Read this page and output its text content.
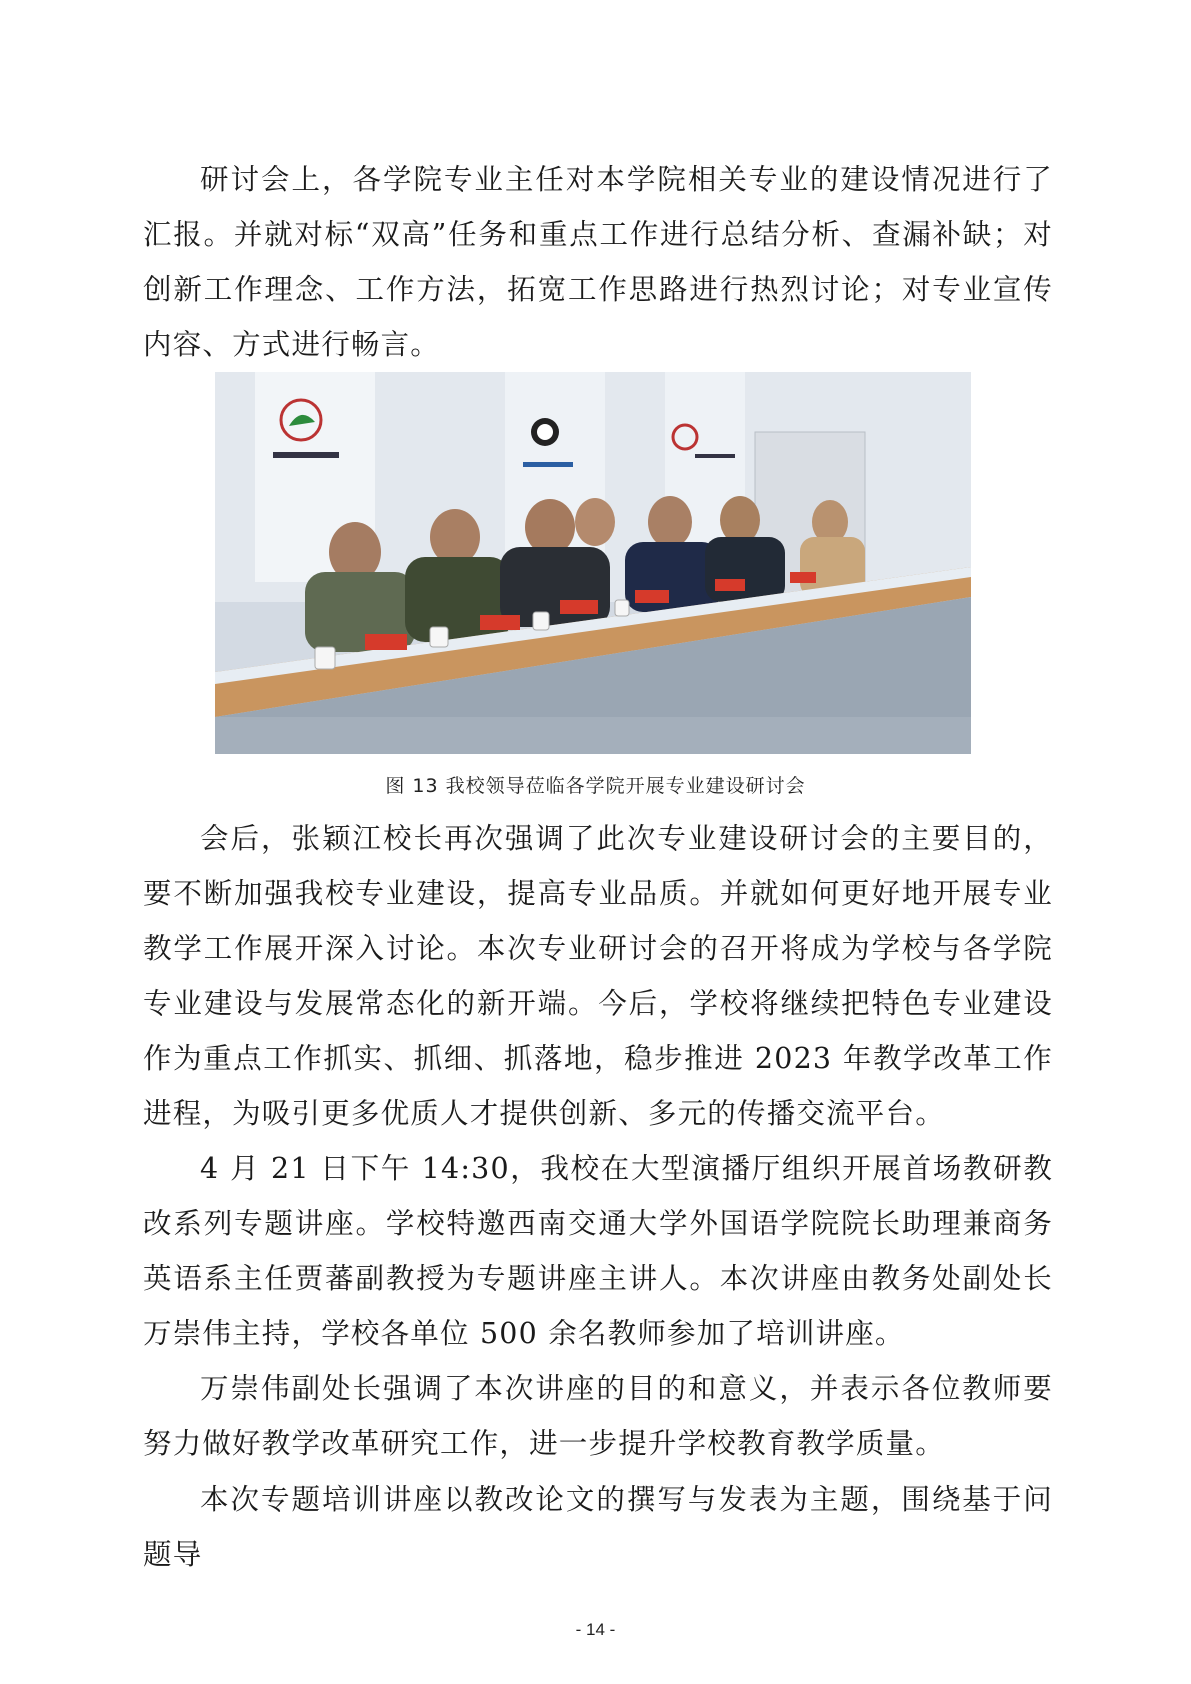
研讨会上，各学院专业主任对本学院相关专业的建设情况进行了汇报。并就对标“双高”任务和重点工作进行总结分析、查漏补缺；对创新工作理念、工作方法，拓宽工作思路进行热烈讨论；对专业宣传内容、方式进行畅言。

图 13 我校领导莅临各学院开展专业建设研讨会

会后，张颖江校长再次强调了此次专业建设研讨会的主要目的，要不断加强我校专业建设，提高专业品质。并就如何更好地开展专业教学工作展开深入讨论。本次专业研讨会的召开将成为学校与各学院专业建设与发展常态化的新开端。今后，学校将继续把特色专业建设作为重点工作抓实、抓细、抓落地，稳步推进 2023 年教学改革工作进程，为吸引更多优质人才提供创新、多元的传播交流平台。

4 月 21 日下午 14:30，我校在大型演播厅组织开展首场教研教改系列专题讲座。学校特邀西南交通大学外国语学院院长助理兼商务英语系主任贾蕃副教授为专题讲座主讲人。本次讲座由教务处副处长万崇伟主持，学校各单位 500 余名教师参加了培训讲座。

万崇伟副处长强调了本次讲座的目的和意义，并表示各位教师要努力做好教学改革研究工作，进一步提升学校教育教学质量。

本次专题培训讲座以教改论文的撰写与发表为主题，围绕基于问题导

- 14 -
